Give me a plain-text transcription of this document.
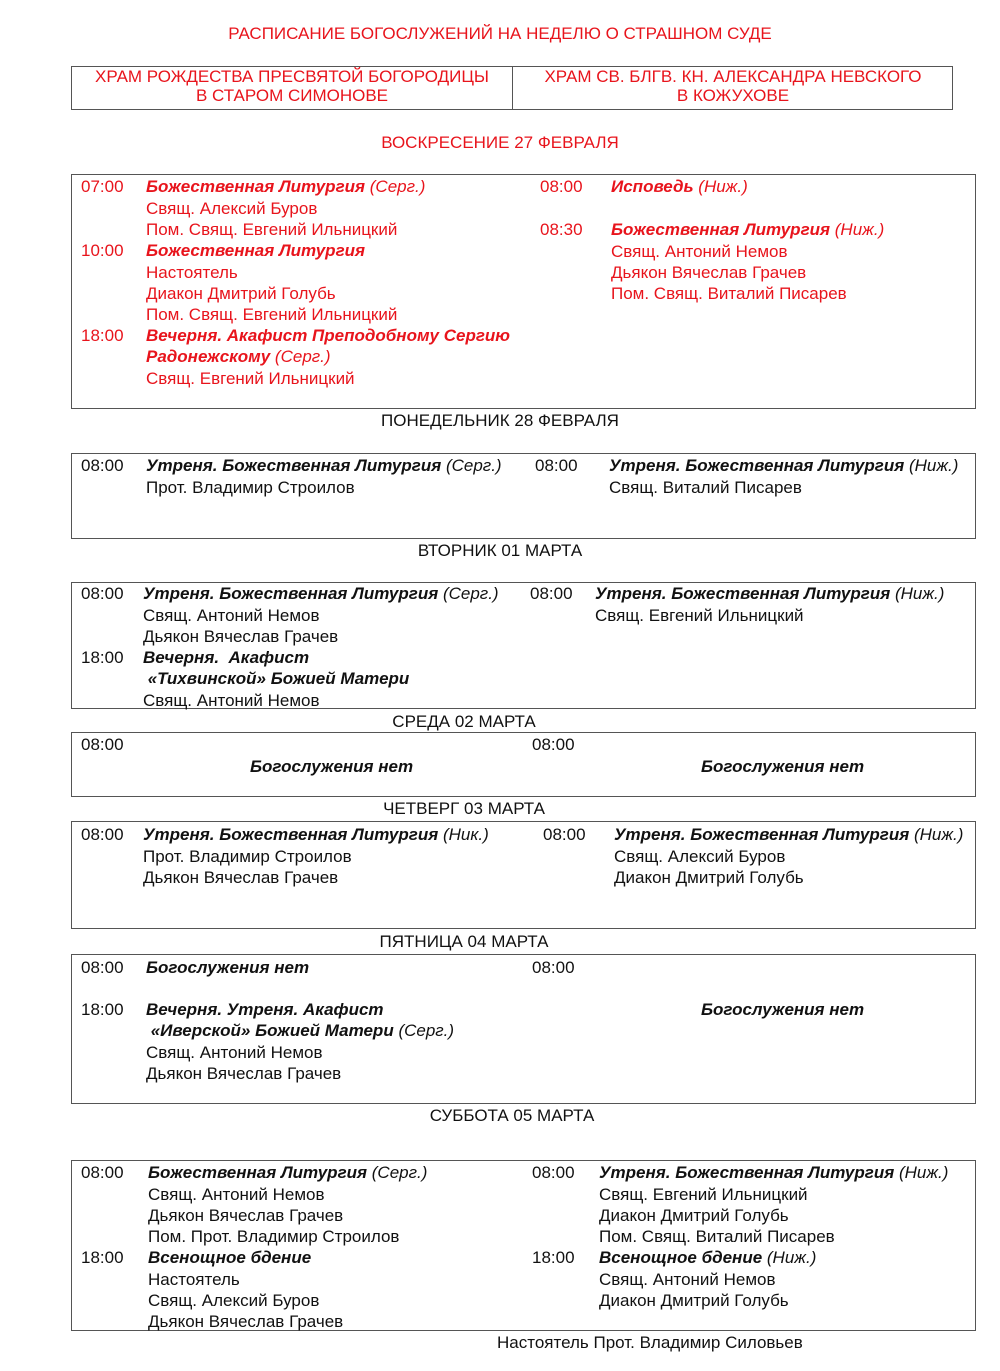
РАСПИСАНИЕ БОГОСЛУЖЕНИЙ НА НЕДЕЛЮ О СТРАШНОМ СУДЕ
ХРАМ РОЖДЕСТВА ПРЕСВЯТОЙ БОГОРОДИЦЫ
В СТАРОМ СИМОНОВЕ
ХРАМ СВ. БЛГВ. КН. АЛЕКСАНДРА НЕВСКОГО
В КОЖУХОВЕ
ВОСКРЕСЕНИЕ 27 ФЕВРАЛЯ
07:00 Божественная Литургия (Серг.)
Свящ. Алексий Буров
Пом. Свящ. Евгений Ильницкий
10:00 Божественная Литургия
Настоятель
Диакон Дмитрий Голубь
Пом. Свящ. Евгений Ильницкий
18:00 Вечерня. Акафист Преподобному Сергию
Радонежскому (Серг.)
Свящ. Евгений Ильницкий
08:00 Исповедь (Ниж.)
08:30 Божественная Литургия (Ниж.)
Свящ. Антоний Немов
Дьякон Вячеслав Грачев
Пом. Свящ. Виталий Писарев
ПОНЕДЕЛЬНИК 28 ФЕВРАЛЯ
08:00 Утреня. Божественная Литургия (Серг.)
Прот. Владимир Строилов
08:00 Утреня. Божественная Литургия (Ниж.)
Свящ. Виталий Писарев
ВТОРНИК 01 МАРТА
08:00 Утреня. Божественная Литургия (Серг.)
Свящ. Антоний Немов
Дьякон Вячеслав Грачев
18:00 Вечерня.  Акафист
«Тихвинской» Божией Матери
Свящ. Антоний Немов
08:00 Утреня. Божественная Литургия (Ниж.)
Свящ. Евгений Ильницкий
СРЕДА 02 МАРТА
08:00
Богослужения нет
08:00
Богослужения нет
ЧЕТВЕРГ 03 МАРТА
08:00 Утреня. Божественная Литургия (Ник.)
Прот. Владимир Строилов
Дьякон Вячеслав Грачев
08:00 Утреня. Божественная Литургия (Ниж.)
Свящ. Алексий Буров
Диакон Дмитрий Голубь
ПЯТНИЦА 04 МАРТА
08:00 Богослужения нет
18:00 Вечерня. Утреня. Акафист
«Иверской» Божией Матери (Серг.)
Свящ. Антоний Немов
Дьякон Вячеслав Грачев
08:00
Богослужения нет
СУББОТА 05 МАРТА
08:00 Божественная Литургия (Серг.)
Свящ. Антоний Немов
Дьякон Вячеслав Грачев
Пом. Прот. Владимир Строилов
18:00 Всенощное бдение
Настоятель
Свящ. Алексий Буров
Дьякон Вячеслав Грачев
08:00 Утреня. Божественная Литургия (Ниж.)
Свящ. Евгений Ильницкий
Диакон Дмитрий Голубь
Пом. Свящ. Виталий Писарев
18:00 Всенощное бдение (Ниж.)
Свящ. Антоний Немов
Диакон Дмитрий Голубь
Настоятель Прот. Владимир Силовьев
